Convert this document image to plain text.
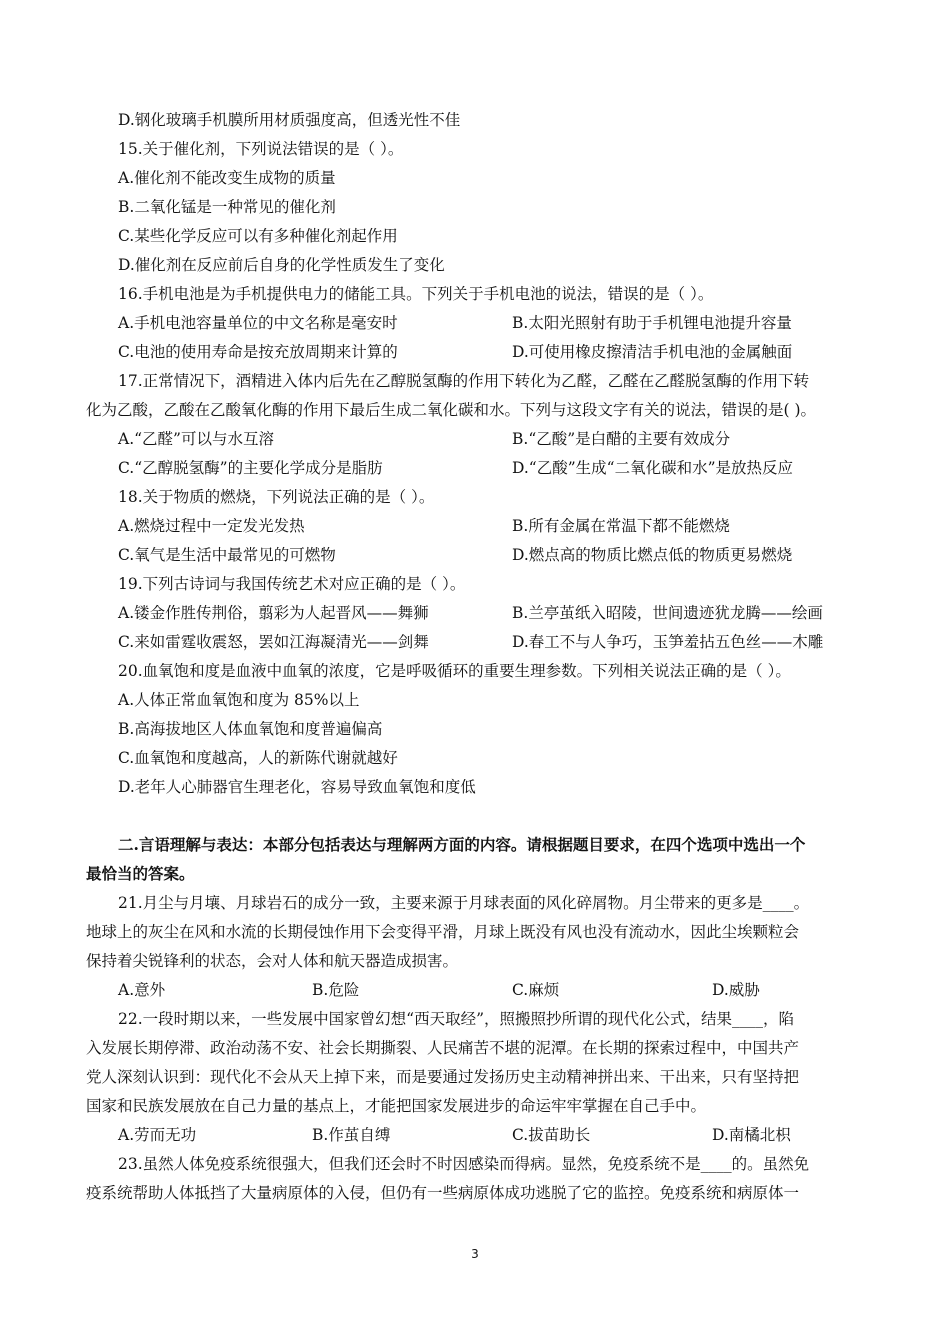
D.钢化玻璃手机膜所用材质强度高，但透光性不佳
15.关于催化剂，下列说法错误的是（ ）。
A.催化剂不能改变生成物的质量
B.二氧化锰是一种常见的催化剂
C.某些化学反应可以有多种催化剂起作用
D.催化剂在反应前后自身的化学性质发生了变化
16.手机电池是为手机提供电力的储能工具。下列关于手机电池的说法，错误的是（ ）。
A.手机电池容量单位的中文名称是毫安时	B.太阳光照射有助于手机锂电池提升容量
C.电池的使用寿命是按充放周期来计算的	D.可使用橡皮擦清洁手机电池的金属触面
17.正常情况下，酒精进入体内后先在乙醇脱氢酶的作用下转化为乙醛，乙醛在乙醛脱氢酶的作用下转
化为乙酸，乙酸在乙酸氧化酶的作用下最后生成二氧化碳和水。下列与这段文字有关的说法，错误的是( )。
A.“乙醛”可以与水互溶	B.“乙酸”是白醋的主要有效成分
C.“乙醇脱氢酶”的主要化学成分是脂肪	D.“乙酸”生成“二氧化碳和水”是放热反应
18.关于物质的燃烧，下列说法正确的是（ ）。
A.燃烧过程中一定发光发热	B.所有金属在常温下都不能燃烧
C.氧气是生活中最常见的可燃物	D.燃点高的物质比燃点低的物质更易燃烧
19.下列古诗词与我国传统艺术对应正确的是（ ）。
A.镂金作胜传荆俗，翦彩为人起晋风——舞狮	B.兰亭茧纸入昭陵，世间遗迹犹龙腾——绘画
C.来如雷霆收震怒，罢如江海凝清光——剑舞	D.春工不与人争巧，玉笋羞拈五色丝——木雕
20.血氧饱和度是血液中血氧的浓度，它是呼吸循环的重要生理参数。下列相关说法正确的是（ ）。
A.人体正常血氧饱和度为 85%以上
B.高海拔地区人体血氧饱和度普遍偏高
C.血氧饱和度越高，人的新陈代谢就越好
D.老年人心肺器官生理老化，容易导致血氧饱和度低
二.言语理解与表达：本部分包括表达与理解两方面的内容。请根据题目要求，在四个选项中选出一个
最恰当的答案。
21.月尘与月壤、月球岩石的成分一致，主要来源于月球表面的风化碎屑物。月尘带来的更多是____。
地球上的灰尘在风和水流的长期侵蚀作用下会变得平滑，月球上既没有风也没有流动水，因此尘埃颗粒会
保持着尖锐锋利的状态，会对人体和航天器造成损害。
A.意外	B.危险	C.麻烦	D.威胁
22.一段时期以来，一些发展中国家曾幻想“西天取经”，照搬照抄所谓的现代化公式，结果____，陷
入发展长期停滞、政治动荡不安、社会长期撕裂、人民痛苦不堪的泥潭。在长期的探索过程中，中国共产
党人深刻认识到：现代化不会从天上掉下来，而是要通过发扬历史主动精神拼出来、干出来，只有坚持把
国家和民族发展放在自己力量的基点上，才能把国家发展进步的命运牢牢掌握在自己手中。
A.劳而无功	B.作茧自缚	C.拔苗助长	D.南橘北枳
23.虽然人体免疫系统很强大，但我们还会时不时因感染而得病。显然，免疫系统不是____的。虽然免
疫系统帮助人体抵挡了大量病原体的入侵，但仍有一些病原体成功逃脱了它的监控。免疫系统和病原体一
3
